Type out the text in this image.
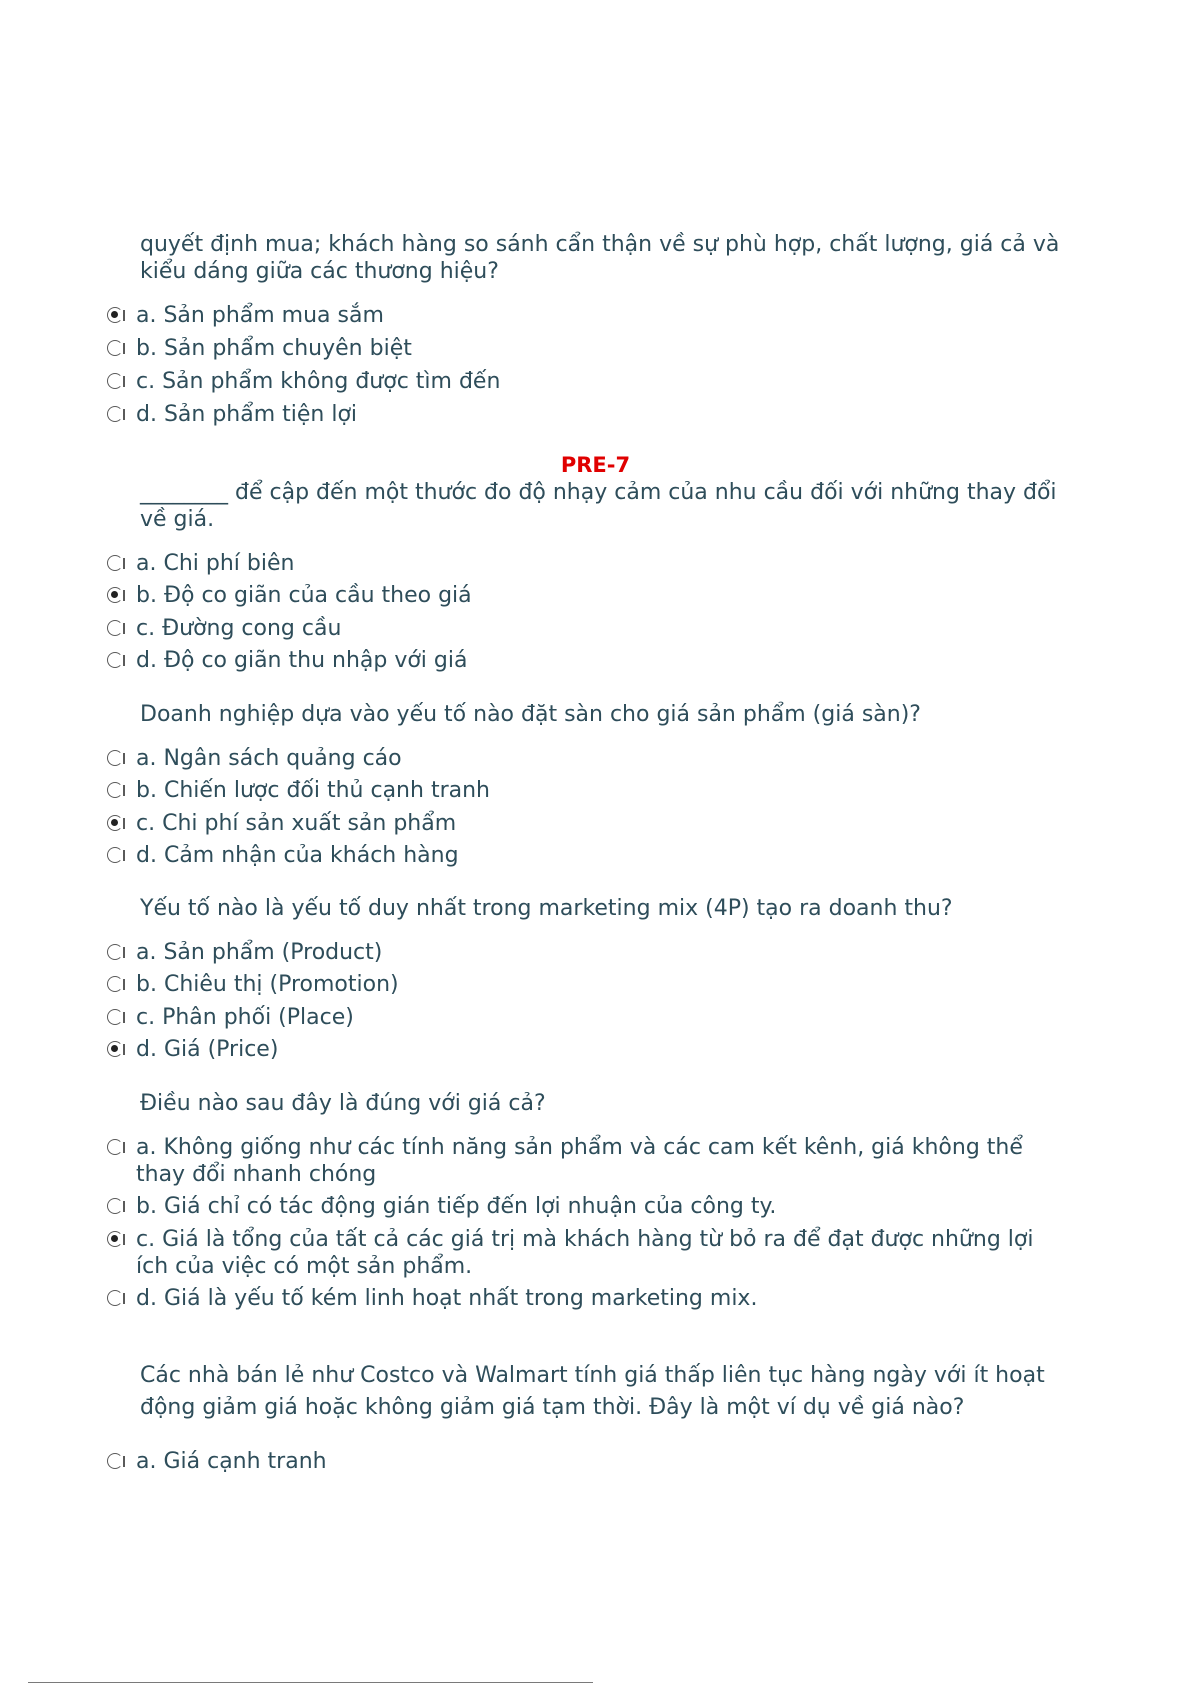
quyết định mua; khách hàng so sánh cẩn thận về sự phù hợp, chất lượng, giá cả và kiểu dáng giữa các thương hiệu?
a. Sản phẩm mua sắm
b. Sản phẩm chuyên biệt
c. Sản phẩm không được tìm đến
d. Sản phẩm tiện lợi
PRE-7
________ để cập đến một thước đo độ nhạy cảm của nhu cầu đối với những thay đổi về giá.
a. Chi phí biên
b. Độ co giãn của cầu theo giá
c. Đường cong cầu
d. Độ co giãn thu nhập với giá
Doanh nghiệp dựa vào yếu tố nào đặt sàn cho giá sản phẩm (giá sàn)?
a. Ngân sách quảng cáo
b. Chiến lược đối thủ cạnh tranh
c. Chi phí sản xuất sản phẩm
d. Cảm nhận của khách hàng
Yếu tố nào là yếu tố duy nhất trong marketing mix (4P) tạo ra doanh thu?
a. Sản phẩm (Product)
b. Chiêu thị (Promotion)
c. Phân phối (Place)
d. Giá (Price)
Điều nào sau đây là đúng với giá cả?
a. Không giống như các tính năng sản phẩm và các cam kết kênh, giá không thể thay đổi nhanh chóng
b. Giá chỉ có tác động gián tiếp đến lợi nhuận của công ty.
c. Giá là tổng của tất cả các giá trị mà khách hàng từ bỏ ra để đạt được những lợi ích của việc có một sản phẩm.
d. Giá là yếu tố kém linh hoạt nhất trong marketing mix.
Các nhà bán lẻ như Costco và Walmart tính giá thấp liên tục hàng ngày với ít hoạt động giảm giá hoặc không giảm giá tạm thời. Đây là một ví dụ về giá nào?
a. Giá cạnh tranh
